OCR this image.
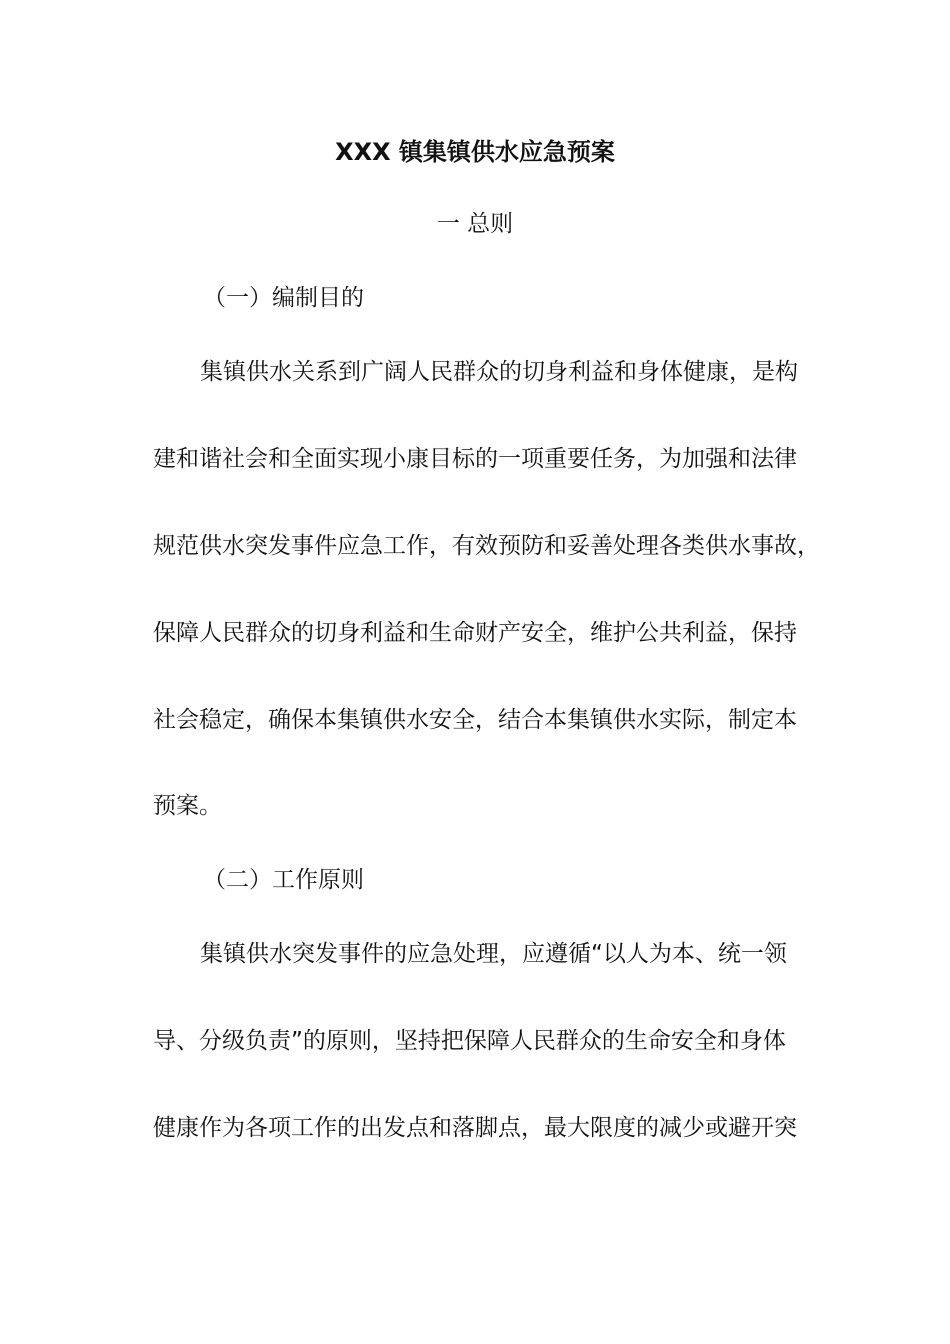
XXX 镇集镇供水应急预案
一 总则
（一）编制目的
集镇供水关系到广阔人民群众的切身利益和身体健康，是构
建和谐社会和全面实现小康目标的一项重要任务，为加强和法律
规范供水突发事件应急工作，有效预防和妥善处理各类供水事故，
保障人民群众的切身利益和生命财产安全，维护公共利益，保持
社会稳定，确保本集镇供水安全，结合本集镇供水实际，制定本
预案。
（二）工作原则
集镇供水突发事件的应急处理，应遵循“以人为本、统一领
导、分级负责”的原则，坚持把保障人民群众的生命安全和身体
健康作为各项工作的出发点和落脚点，最大限度的减少或避开突
